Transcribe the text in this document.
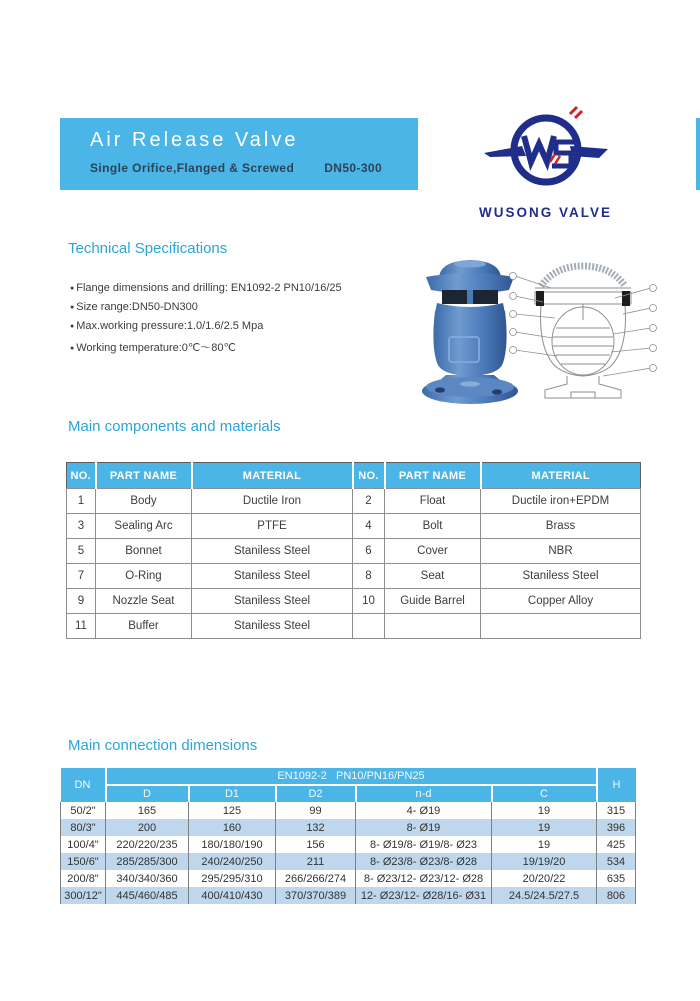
Air Release Valve
Single Orifice,Flanged & Screwed	DN50-300
WUSONG VALVE
Technical Specifications
● Flange dimensions and drilling: EN1092-2 PN10/16/25
● Size range:DN50-DN300
● Max.working pressure:1.0/1.6/2.5 Mpa
● Working temperature:0℃～80℃
Main components and materials
NO.	PART NAME	MATERIAL	NO.	PART NAME	MATERIAL
1	Body	Ductile Iron	2	Float	Ductile iron+EPDM
3	Sealing Arc	PTFE	4	Bolt	Brass
5	Bonnet	Staniless Steel	6	Cover	NBR
7	O-Ring	Staniless Steel	8	Seat	Staniless Steel
9	Nozzle Seat	Staniless Steel	10	Guide Barrel	Copper Alloy
11	Buffer	Staniless Steel			
Main connection dimensions
DN	EN1092-2   PN10/PN16/PN25					H
	D	D1	D2	n-d	C	
50/2"	165	125	99	4- Ø19	19	315
80/3"	200	160	132	8- Ø19	19	396
100/4"	220/220/235	180/180/190	156	8- Ø19/8- Ø19/8- Ø23	19	425
150/6"	285/285/300	240/240/250	211	8- Ø23/8- Ø23/8- Ø28	19/19/20	534
200/8"	340/340/360	295/295/310	266/266/274	8- Ø23/12- Ø23/12- Ø28	20/20/22	635
300/12"	445/460/485	400/410/430	370/370/389	12- Ø23/12- Ø28/16- Ø31	24.5/24.5/27.5	806
